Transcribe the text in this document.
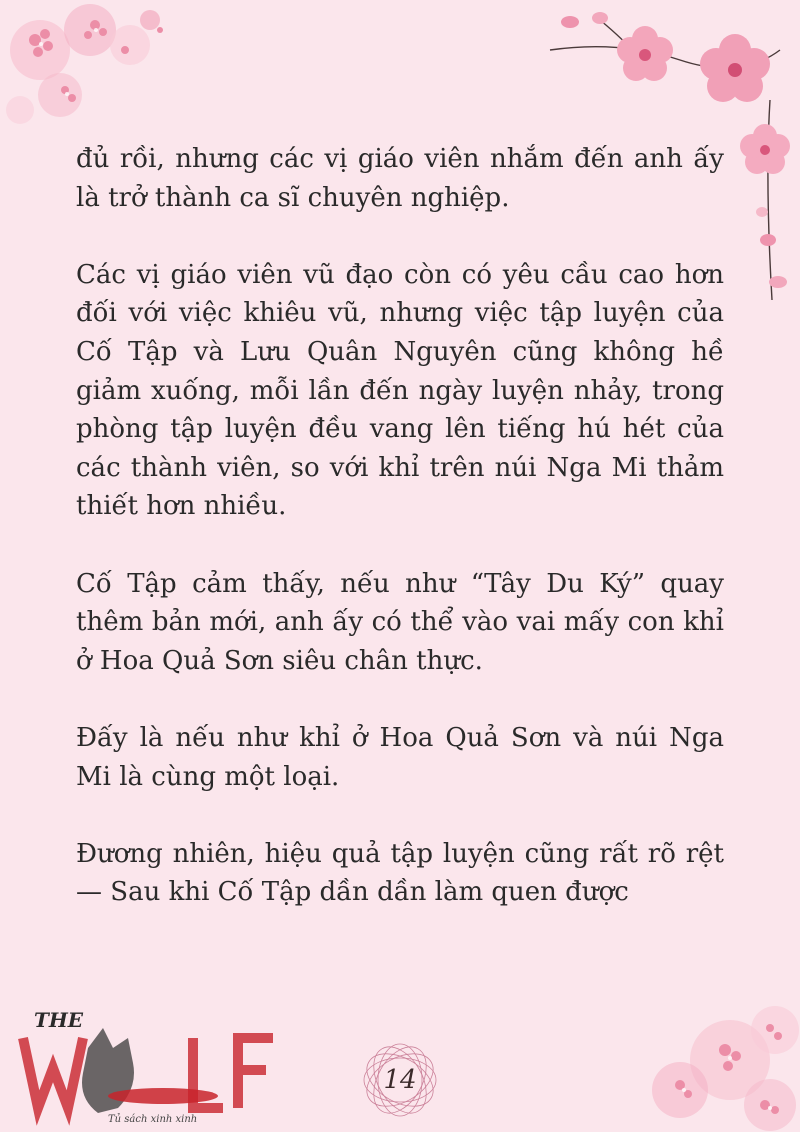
đủ rồi, nhưng các vị giáo viên nhắm đến anh ấy là trở thành ca sĩ chuyên nghiệp.

Các vị giáo viên vũ đạo còn có yêu cầu cao hơn đối với việc khiêu vũ, nhưng việc tập luyện của Cố Tập và Lưu Quân Nguyên cũng không hề giảm xuống, mỗi lần đến ngày luyện nhảy, trong phòng tập luyện đều vang lên tiếng hú hét của các thành viên, so với khỉ trên núi Nga Mi thảm thiết hơn nhiều.

Cố Tập cảm thấy, nếu như “Tây Du Ký” quay thêm bản mới, anh ấy có thể vào vai mấy con khỉ ở Hoa Quả Sơn siêu chân thực.

Đấy là nếu như khỉ ở Hoa Quả Sơn và núi Nga Mi là cùng một loại.

Đương nhiên, hiệu quả tập luyện cũng rất rõ rệt — Sau khi Cố Tập dần dần làm quen được

THE
Tủ sách xinh xinh
14
